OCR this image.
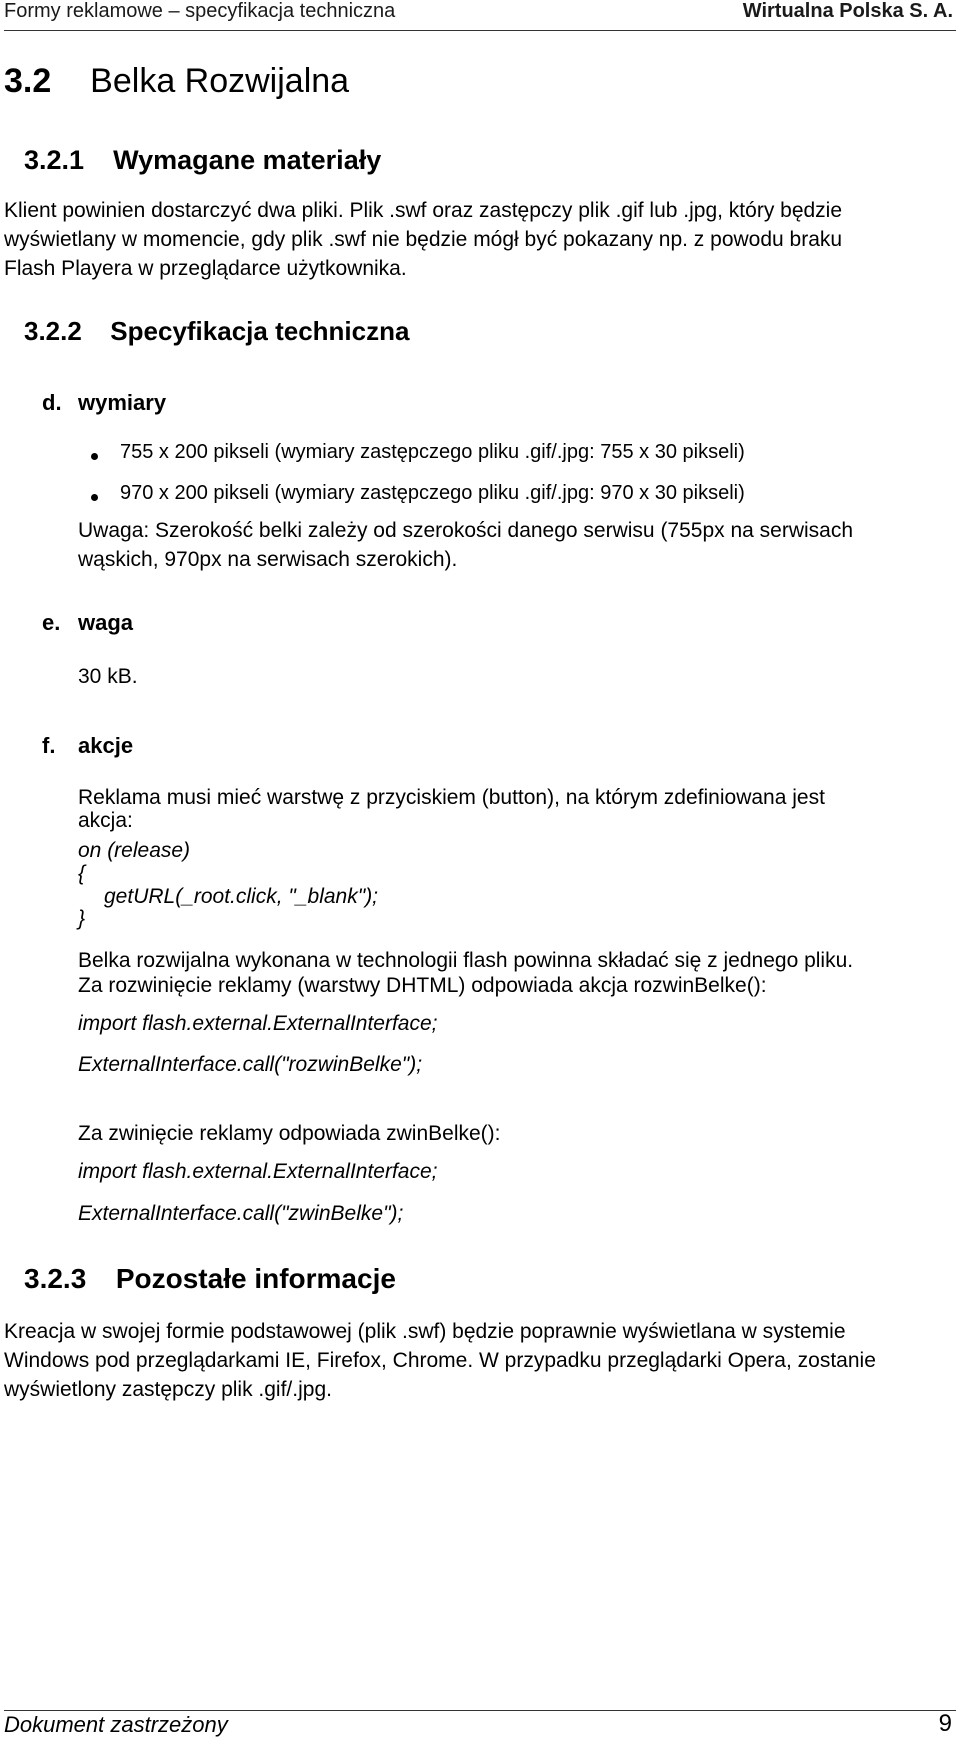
Formy reklamowe – specyfikacja techniczna	Wirtualna Polska S. A.
3.2 Belka Rozwijalna
3.2.1 Wymagane materiały
Klient powinien dostarczyć dwa pliki. Plik .swf oraz zastępczy plik .gif lub .jpg, który będzie
wyświetlany w momencie, gdy plik .swf nie będzie mógł być pokazany np. z powodu braku
Flash Playera w przeglądarce użytkownika.
3.2.2 Specyfikacja techniczna
d. wymiary
755 x 200 pikseli (wymiary zastępczego pliku .gif/.jpg: 755 x 30 pikseli)
970 x 200 pikseli (wymiary zastępczego pliku .gif/.jpg: 970 x 30 pikseli)
Uwaga: Szerokość belki zależy od szerokości danego serwisu (755px na serwisach
wąskich, 970px na serwisach szerokich).
e. waga
30 kB.
f. akcje
Reklama musi mieć warstwę z przyciskiem (button), na którym zdefiniowana jest
akcja:
on (release)
{
getURL(_root.click, "_blank");
}
Belka rozwijalna wykonana w technologii flash powinna składać się z jednego pliku.
Za rozwinięcie reklamy (warstwy DHTML) odpowiada akcja rozwinBelke():
import flash.external.ExternalInterface;
ExternalInterface.call("rozwinBelke");
Za zwinięcie reklamy odpowiada zwinBelke():
import flash.external.ExternalInterface;
ExternalInterface.call("zwinBelke");
3.2.3 Pozostałe informacje
Kreacja w swojej formie podstawowej (plik .swf) będzie poprawnie wyświetlana w systemie
Windows pod przeglądarkami IE, Firefox, Chrome. W przypadku przeglądarki Opera, zostanie
wyświetlony zastępczy plik .gif/.jpg.
Dokument zastrzeżony	9
